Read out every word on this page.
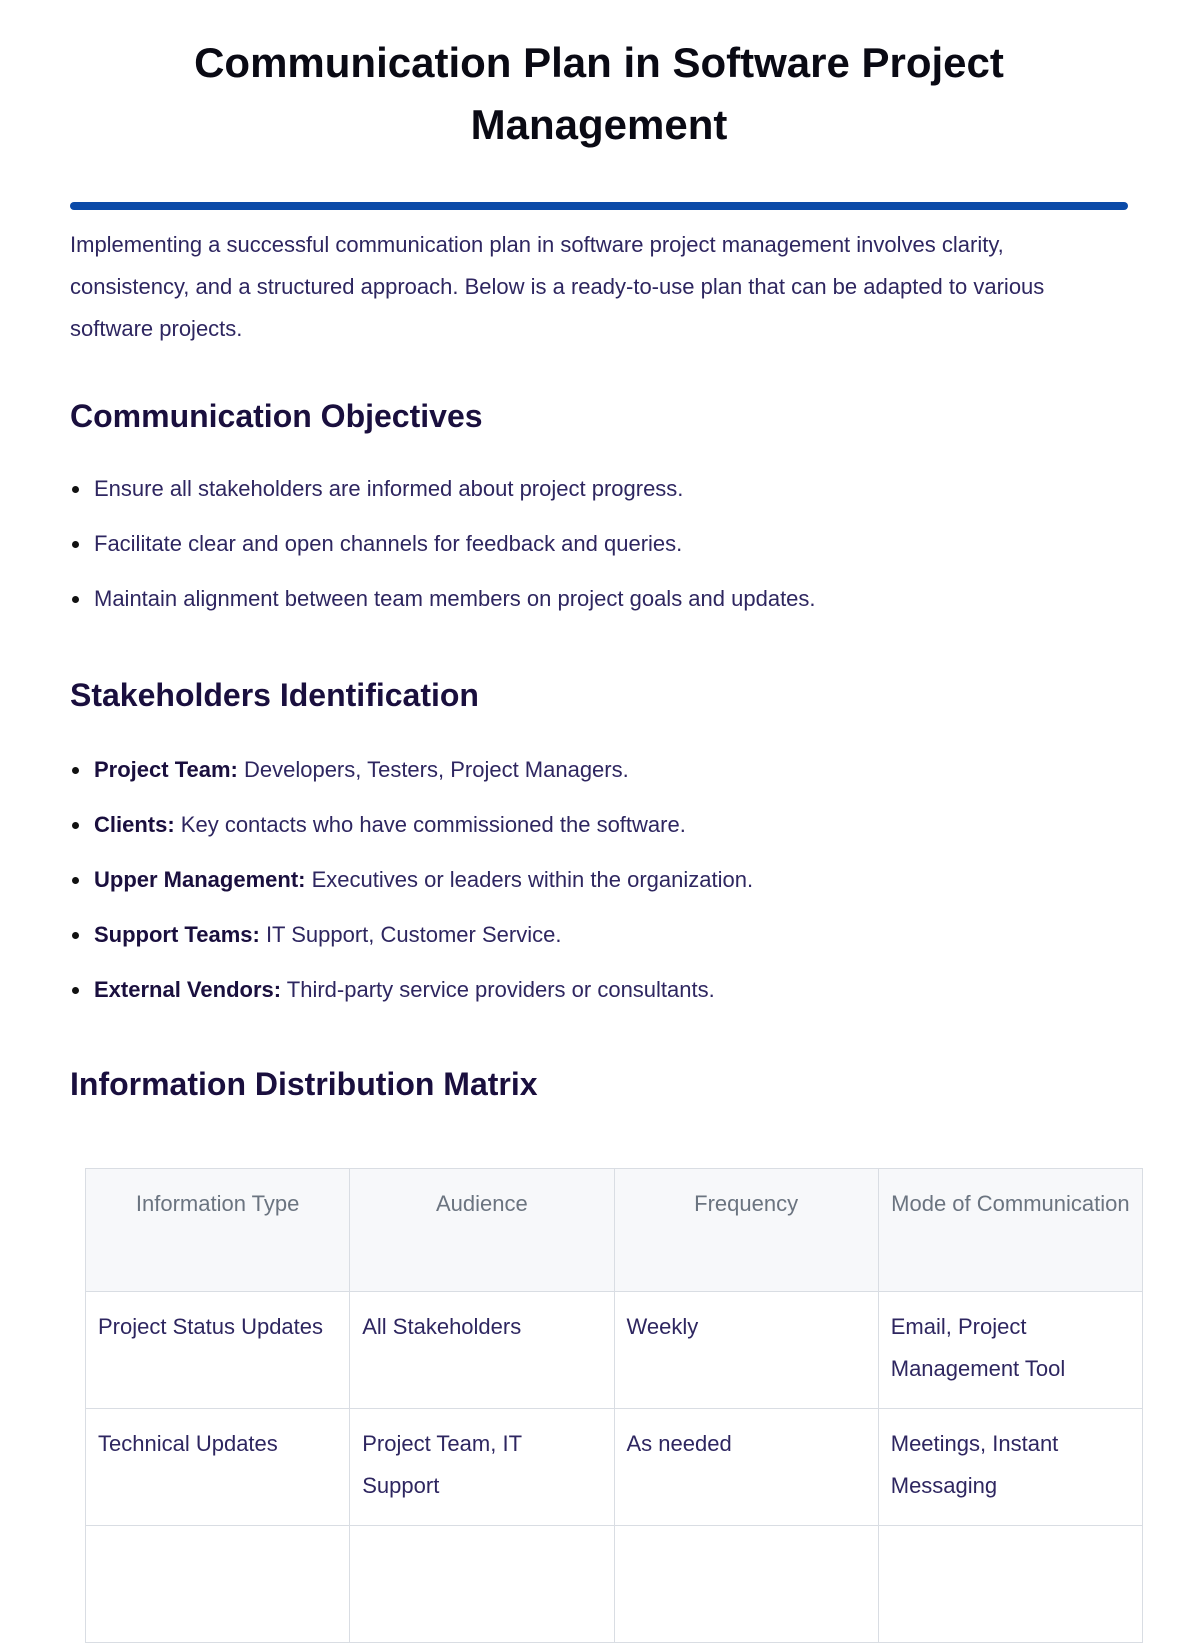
Communication Plan in Software Project Management

Implementing a successful communication plan in software project management involves clarity, consistency, and a structured approach. Below is a ready-to-use plan that can be adapted to various software projects.

Communication Objectives
Ensure all stakeholders are informed about project progress.
Facilitate clear and open channels for feedback and queries.
Maintain alignment between team members on project goals and updates.
Stakeholders Identification
Project Team: Developers, Testers, Project Managers.
Clients: Key contacts who have commissioned the software.
Upper Management: Executives or leaders within the organization.
Support Teams: IT Support, Customer Service.
External Vendors: Third-party service providers or consultants.
Information Distribution Matrix
Information Type	Audience	Frequency	Mode of Communication
Project Status Updates	All Stakeholders	Weekly	Email, Project Management Tool
Technical Updates	Project Team, IT Support	As needed	Meetings, Instant Messaging
